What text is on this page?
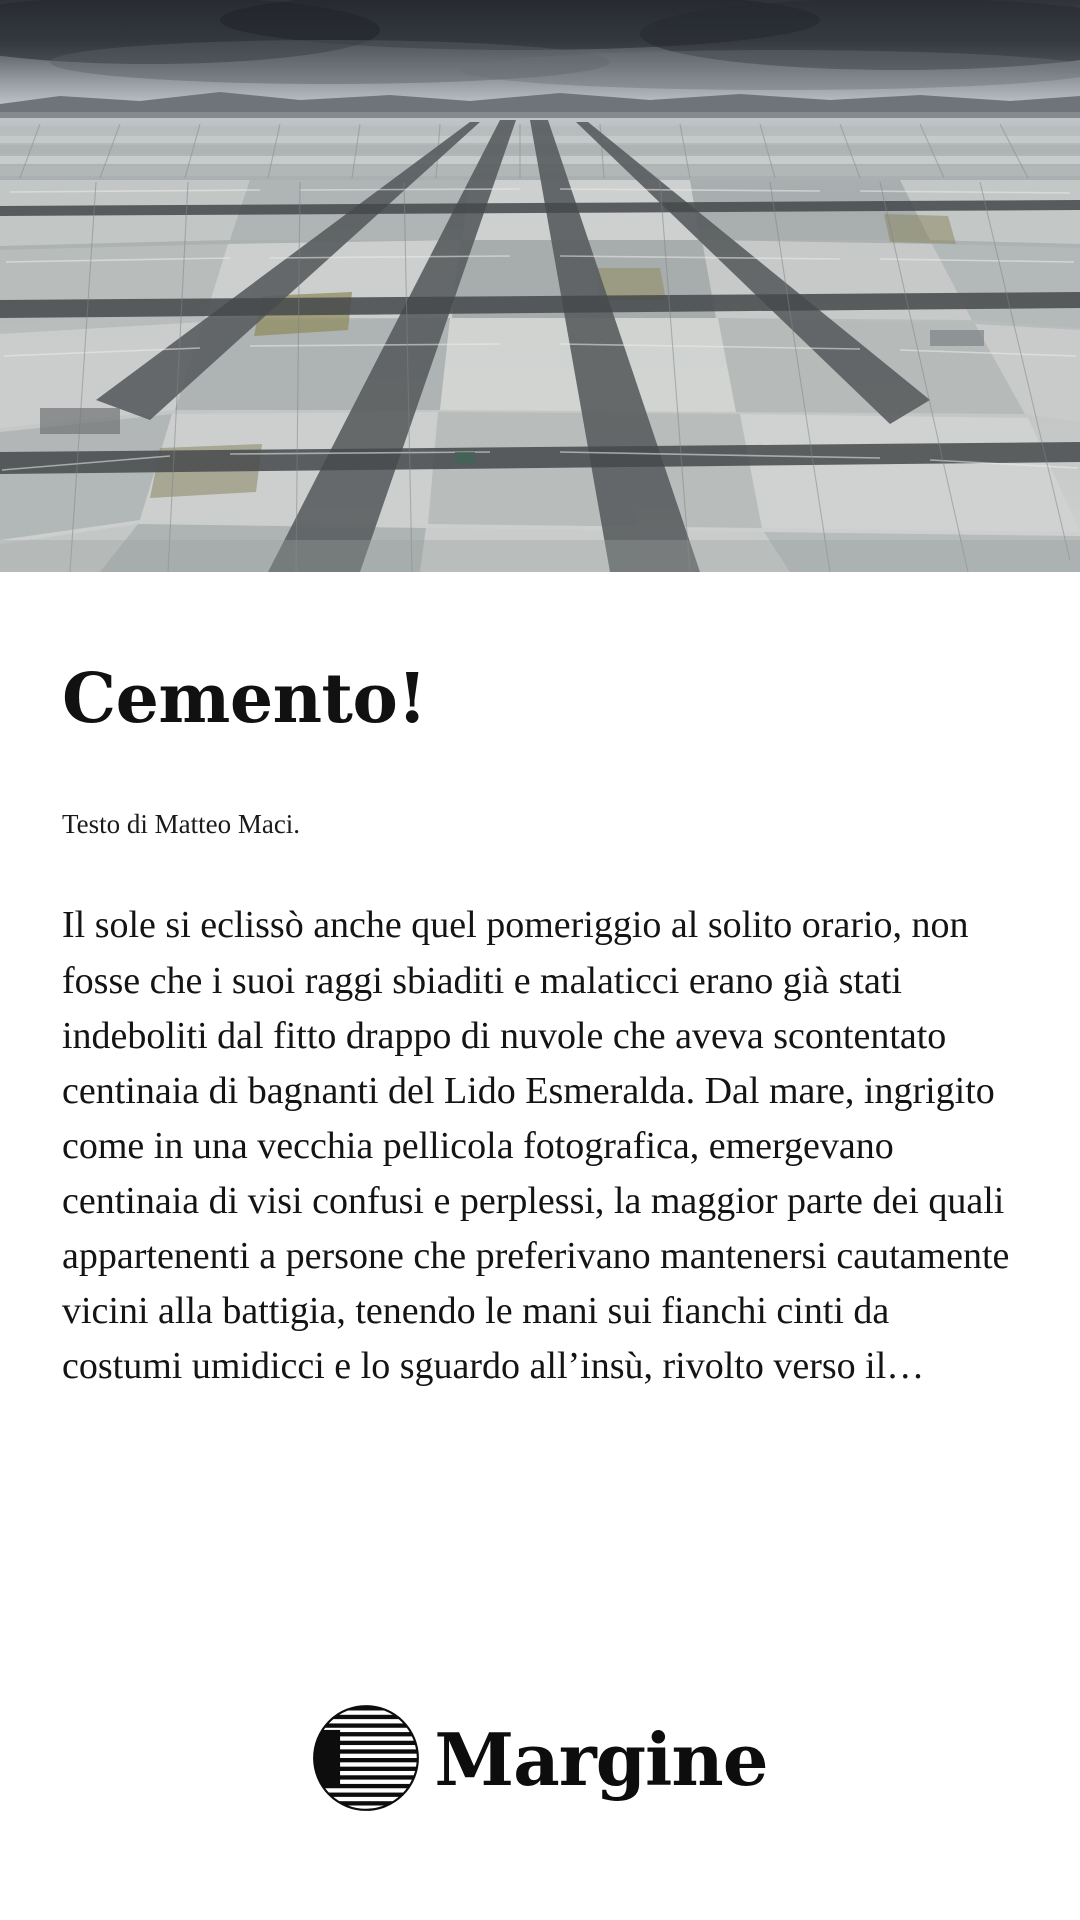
Cemento!

Testo di Matteo Maci.

Il sole si eclissò anche quel pomeriggio al solito orario, non fosse che i suoi raggi sbiaditi e malaticci erano già stati indeboliti dal fitto drappo di nuvole che aveva scontentato centinaia di bagnanti del Lido Esmeralda. Dal mare, ingrigito come in una vecchia pellicola fotografica, emergevano centinaia di visi confusi e perplessi, la maggior parte dei quali appartenenti a persone che preferivano mantenersi cautamente vicini alla battigia, tenendo le mani sui fianchi cinti da costumi umidicci e lo sguardo all’insù, rivolto verso il…

Margine
